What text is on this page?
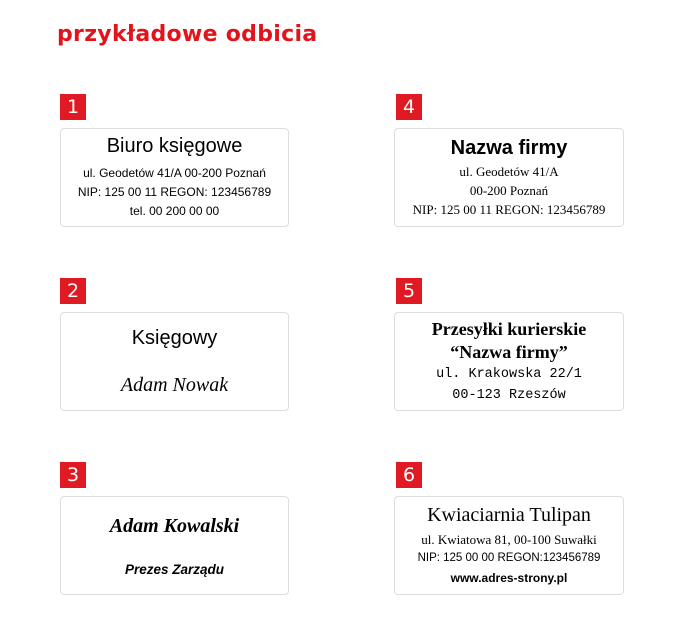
przykładowe odbicia
1
Biuro księgowe
ul. Geodetów 41/A 00-200 Poznań
NIP: 125 00 11 REGON: 123456789
tel. 00 200 00 00
2
Księgowy
Adam Nowak
3
Adam Kowalski
Prezes Zarządu
4
Nazwa firmy
ul. Geodetów 41/A
00-200 Poznań
NIP: 125 00 11 REGON: 123456789
5
Przesyłki kurierskie
“Nazwa firmy”
ul. Krakowska 22/1
00-123 Rzeszów
6
Kwiaciarnia Tulipan
ul. Kwiatowa 81, 00-100 Suwałki
NIP: 125 00 00 REGON:123456789
www.adres-strony.pl
